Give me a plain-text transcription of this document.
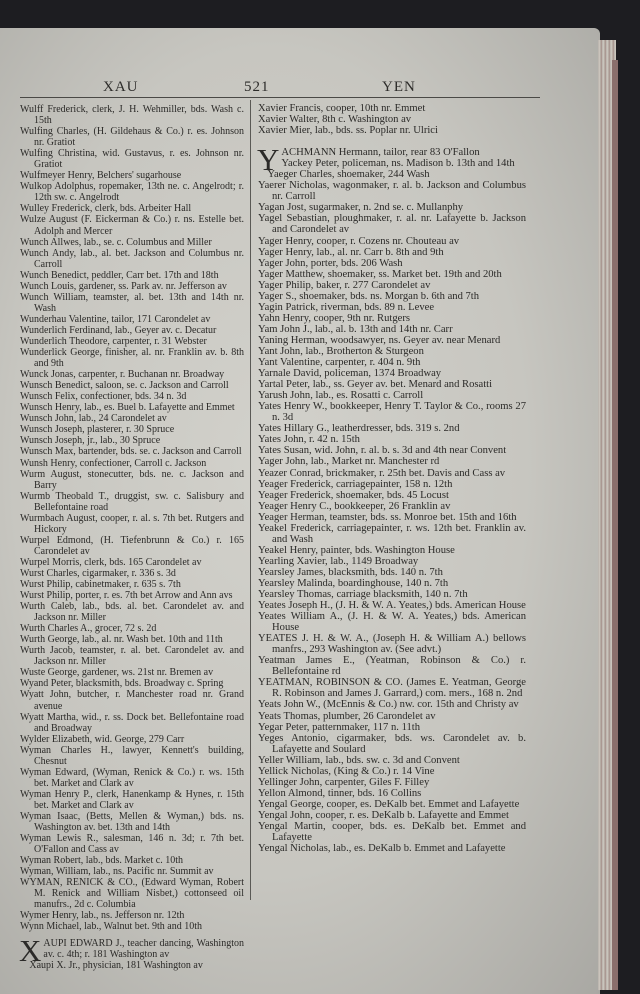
XAU	521	YEN
Wulff Frederick, clerk, J. H. Wehmiller, bds. Wash c. 15th
Wulfing Charles, (H. Gildehaus & Co.) r. es. Johnson nr. Gratiot
Wulfing Christina, wid. Gustavus, r. es. Johnson nr. Gratiot
Wulfmeyer Henry, Belchers' sugarhouse
Wulkop Adolphus, ropemaker, 13th ne. c. Angelrodt; r. 12th sw. c. Angelrodt
Wulley Frederick, clerk, bds. Arbeiter Hall
Wulze August (F. Eickerman & Co.) r. ns. Estelle bet. Adolph and Mercer
Wunch Allwes, lab., se. c. Columbus and Miller
Wunch Andy, lab., al. bet. Jackson and Columbus nr. Carroll
Wunch Benedict, peddler, Carr bet. 17th and 18th
Wunch Louis, gardener, ss. Park av. nr. Jefferson av
Wunch William, teamster, al. bet. 13th and 14th nr. Wash
Wunderhau Valentine, tailor, 171 Carondelet av
Wunderlich Ferdinand, lab., Geyer av. c. Decatur
Wunderlich Theodore, carpenter, r. 31 Webster
Wunderlick George, finisher, al. nr. Franklin av. b. 8th and 9th
Wunck Jonas, carpenter, r. Buchanan nr. Broadway
Wunsch Benedict, saloon, se. c. Jackson and Carroll
Wunsch Felix, confectioner, bds. 34 n. 3d
Wunsch Henry, lab., es. Buel b. Lafayette and Emmet
Wunsch John, lab., 24 Carondelet av
Wunsch Joseph, plasterer, r. 30 Spruce
Wunsch Joseph, jr., lab., 30 Spruce
Wunsch Max, bartender, bds. se. c. Jackson and Carroll
Wunsh Henry, confectioner, Carroll c. Jackson
Wurm August, stonecutter, bds. ne. c. Jackson and Barry
Wurmb Theobald T., druggist, sw. c. Salisbury and Bellefontaine road
Wurmbach August, cooper, r. al. s. 7th bet. Rutgers and Hickory
Wurpel Edmond, (H. Tiefenbrunn & Co.) r. 165 Carondelet av
Wurpel Morris, clerk, bds. 165 Carondelet av
Wurst Charles, cigarmaker, r. 336 s. 3d
Wurst Philip, cabinetmaker, r. 635 s. 7th
Wurst Philip, porter, r. es. 7th bet Arrow and Ann avs
Wurth Caleb, lab., bds. al. bet. Carondelet av. and Jackson nr. Miller
Wurth Charles A., grocer, 72 s. 2d
Wurth George, lab., al. nr. Wash bet. 10th and 11th
Wurth Jacob, teamster, r. al. bet. Carondelet av. and Jackson nr. Miller
Wuste George, gardener, ws. 21st nr. Bremen av
Wyand Peter, blacksmith, bds. Broadway c. Spring
Wyatt John, butcher, r. Manchester road nr. Grand avenue
Wyatt Martha, wid., r. ss. Dock bet. Bellefontaine road and Broadway
Wylder Elizabeth, wid. George, 279 Carr
Wyman Charles H., lawyer, Kennett's building, Chesnut
Wyman Edward, (Wyman, Renick & Co.) r. ws. 15th bet. Market and Clark av
Wyman Henry P., clerk, Hanenkamp & Hynes, r. 15th bet. Market and Clark av
Wyman Isaac, (Betts, Mellen & Wyman,) bds. ns. Washington av. bet. 13th and 14th
Wyman Lewis R., salesman, 146 n. 3d; r. 7th bet. O'Fallon and Cass av
Wyman Robert, lab., bds. Market c. 10th
Wyman, William, lab., ns. Pacific nr. Summit av
WYMAN, RENICK & CO., (Edward Wyman, Robert M. Renick and William Nisbet,) cottonseed oil manufrs., 2d c. Columbia
Wymer Henry, lab., ns. Jefferson nr. 12th
Wynn Michael, lab., Walnut bet. 9th and 10th
X AUPI EDWARD J., teacher dancing, Washington av. c. 4th; r. 181 Washington av
Xaupi X. Jr., physician, 181 Washington av
Xavier Francis, cooper, 10th nr. Emmet
Xavier Walter, 8th c. Washington av
Xavier Mier, lab., bds. ss. Poplar nr. Ulrici
Y ACHMANN Hermann, tailor, rear 83 O'Fallon
Yackey Peter, policeman, ns. Madison b. 13th and 14th
Yaeger Charles, shoemaker, 244 Wash
Yaerer Nicholas, wagonmaker, r. al. b. Jackson and Columbus nr. Carroll
Yagan Jost, sugarmaker, n. 2nd se. c. Mullanphy
Yagel Sebastian, ploughmaker, r. al. nr. Lafayette b. Jackson and Carondelet av
Yager Henry, cooper, r. Cozens nr. Chouteau av
Yager Henry, lab., al. nr. Carr b. 8th and 9th
Yager John, porter, bds. 206 Wash
Yager Matthew, shoemaker, ss. Market bet. 19th and 20th
Yager Philip, baker, r. 277 Carondelet av
Yager S., shoemaker, bds. ns. Morgan b. 6th and 7th
Yagin Patrick, riverman, bds. 89 n. Levee
Yahn Henry, cooper, 9th nr. Rutgers
Yam John J., lab., al. b. 13th and 14th nr. Carr
Yaning Herman, woodsawyer, ns. Geyer av. near Menard
Yant John, lab., Brotherton & Sturgeon
Yant Valentine, carpenter, r. 404 n. 9th
Yarnale David, policeman, 1374 Broadway
Yartal Peter, lab., ss. Geyer av. bet. Menard and Rosatti
Yarush John, lab., es. Rosatti c. Carroll
Yates Henry W., bookkeeper, Henry T. Taylor & Co., rooms 27 n. 3d
Yates Hillary G., leatherdresser, bds. 319 s. 2nd
Yates John, r. 42 n. 15th
Yates Susan, wid. John, r. al. b. s. 3d and 4th near Convent
Yager John, lab., Market nr. Manchester rd
Yeazer Conrad, brickmaker, r. 25th bet. Davis and Cass av
Yeager Frederick, carriagepainter, 158 n. 12th
Yeager Frederick, shoemaker, bds. 45 Locust
Yeager Henry C., bookkeeper, 26 Franklin av
Yeager Herman, teamster, bds. ss. Monroe bet. 15th and 16th
Yeakel Frederick, carriagepainter, r. ws. 12th bet. Franklin av. and Wash
Yeakel Henry, painter, bds. Washington House
Yearling Xavier, lab., 1149 Broadway
Yearsley James, blacksmith, bds. 140 n. 7th
Yearsley Malinda, boardinghouse, 140 n. 7th
Yearsley Thomas, carriage blacksmith, 140 n. 7th
Yeates Joseph H., (J. H. & W. A. Yeates,) bds. American House
Yeates William A., (J. H. & W. A. Yeates,) bds. American House
YEATES J. H. & W. A., (Joseph H. & William A.) bellows manfrs., 293 Washington av. (See advt.)
Yeatman James E., (Yeatman, Robinson & Co.) r. Bellefontaine rd
YEATMAN, ROBINSON & CO. (James E. Yeatman, George R. Robinson and James J. Garrard,) com. mers., 168 n. 2nd
Yeats John W., (McEnnis & Co.) nw. cor. 15th and Christy av
Yeats Thomas, plumber, 26 Carondelet av
Yegar Peter, patternmaker, 117 n. 11th
Yeges Antonio, cigarmaker, bds. ws. Carondelet av. b. Lafayette and Soulard
Yeller William, lab., bds. sw. c. 3d and Convent
Yellick Nicholas, (King & Co.) r. 14 Vine
Yellinger John, carpenter, Giles F. Filley
Yellon Almond, tinner, bds. 16 Collins
Yengal George, cooper, es. DeKalb bet. Emmet and Lafayette
Yengal John, cooper, r. es. DeKalb b. Lafayette and Emmet
Yengal Martin, cooper, bds. es. DeKalb bet. Emmet and Lafayette
Yengal Nicholas, lab., es. DeKalb b. Emmet and Lafayette
